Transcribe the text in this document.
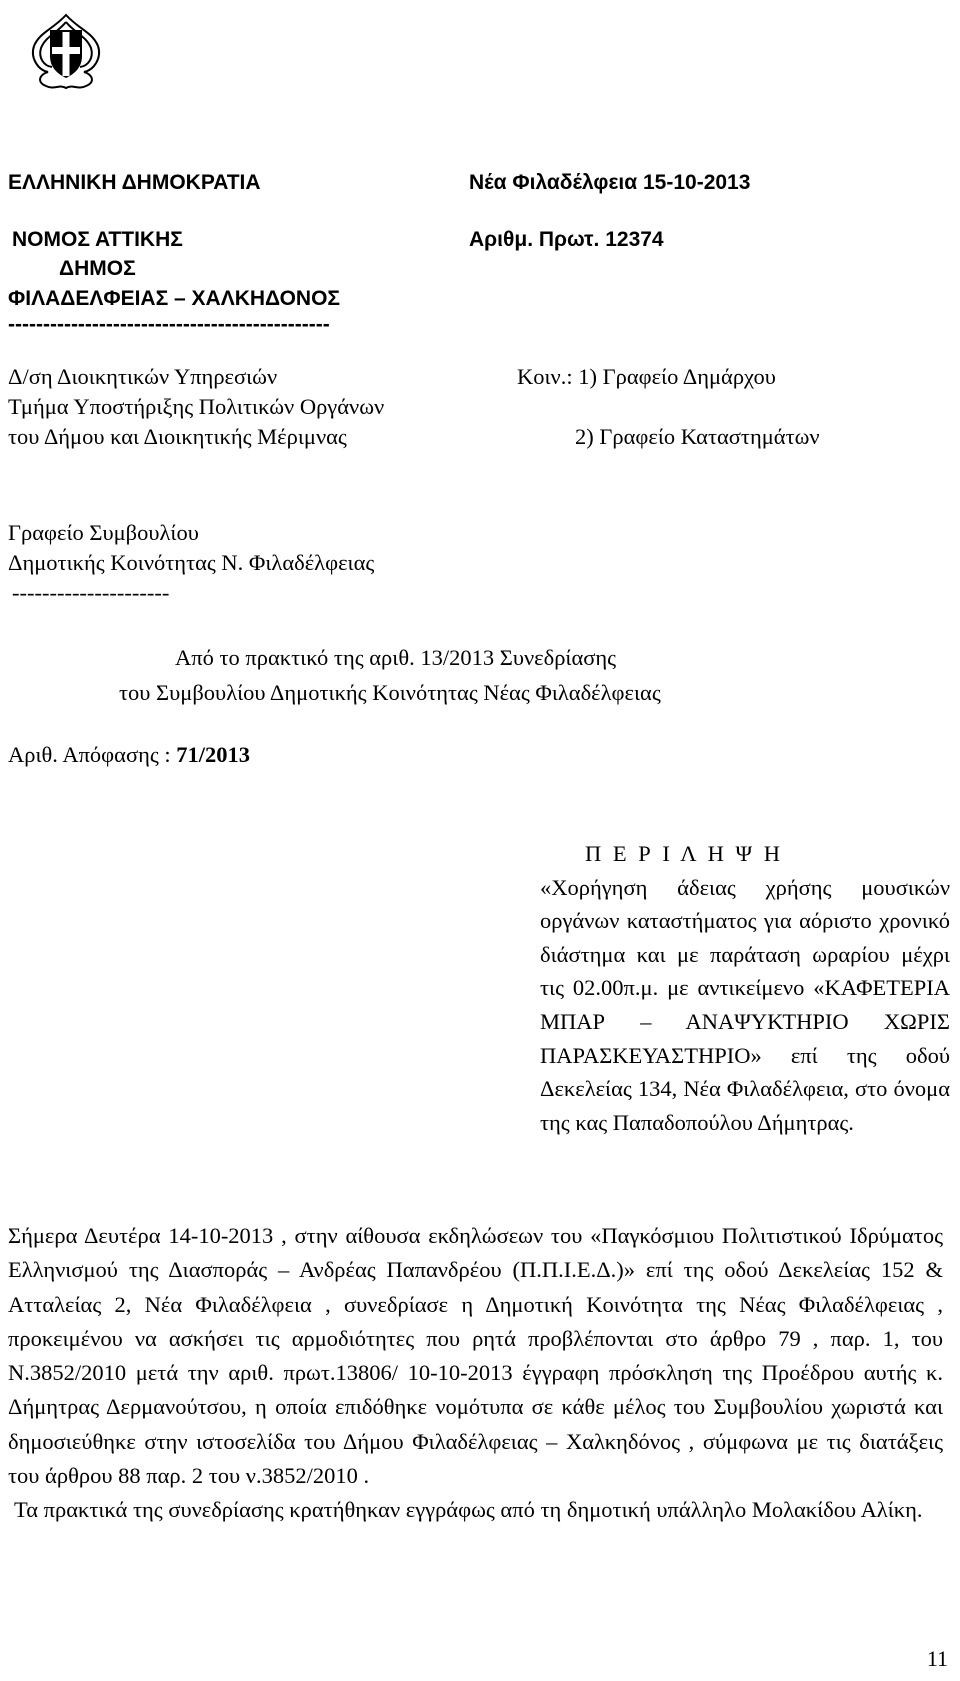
ΕΛΛΗΝΙΚΗ ΔΗΜΟΚΡΑΤΙΑ	Νέα Φιλαδέλφεια 15-10-2013
ΝΟΜΟΣ ΑΤΤΙΚΗΣ	Αριθμ. Πρωτ. 12374
ΔΗΜΟΣ
ΦΙΛΑΔΕΛΦΕΙΑΣ – ΧΑΛΚΗΔΟΝΟΣ
----------------------------------------------
Δ/ση Διοικητικών Υπηρεσιών
Τμήμα Υποστήριξης Πολιτικών Οργάνων
του Δήμου και Διοικητικής Μέριμνας
Κοιν.: 1) Γραφείο Δημάρχου
2) Γραφείο Καταστημάτων
Γραφείο Συμβουλίου
Δημοτικής Κοινότητας Ν. Φιλαδέλφειας
---------------------
Από το πρακτικό της αριθ. 13/2013 Συνεδρίασης
του Συμβουλίου Δημοτικής Κοινότητας Νέας Φιλαδέλφειας
Αριθ. Απόφασης : 71/2013
Π Ε Ρ Ι Λ Η Ψ Η
«Χορήγηση άδειας χρήσης μουσικών οργάνων καταστήματος για αόριστο χρονικό διάστημα και με παράταση ωραρίου μέχρι τις 02.00π.μ. με αντικείμενο «ΚΑΦΕΤΕΡΙΑ ΜΠΑΡ – ΑΝΑΨΥΚΤΗΡΙΟ ΧΩΡΙΣ ΠΑΡΑΣΚΕΥΑΣΤΗΡΙΟ» επί της οδού Δεκελείας 134, Νέα Φιλαδέλφεια, στο όνομα της κας Παπαδοπούλου Δήμητρας.

Σήμερα Δευτέρα 14-10-2013 , στην αίθουσα εκδηλώσεων του «Παγκόσμιου Πολιτιστικού Ιδρύματος Ελληνισμού της Διασποράς – Ανδρέας Παπανδρέου (Π.Π.Ι.Ε.Δ.)» επί της οδού Δεκελείας 152 & Ατταλείας 2, Νέα Φιλαδέλφεια , συνεδρίασε η Δημοτική Κοινότητα της Νέας Φιλαδέλφειας , προκειμένου να ασκήσει τις αρμοδιότητες που ρητά προβλέπονται στο άρθρο 79 , παρ. 1, του Ν.3852/2010 μετά την αριθ. πρωτ.13806/ 10-10-2013 έγγραφη πρόσκληση της Προέδρου αυτής κ. Δήμητρας Δερμανούτσου, η οποία επιδόθηκε νομότυπα σε κάθε μέλος του Συμβουλίου χωριστά και δημοσιεύθηκε στην ιστοσελίδα του Δήμου Φιλαδέλφειας – Χαλκηδόνος , σύμφωνα με τις διατάξεις του άρθρου 88 παρ. 2 του ν.3852/2010 .

Τα πρακτικά της συνεδρίασης κρατήθηκαν εγγράφως από τη δημοτική υπάλληλο Μολακίδου Αλίκη.

11
